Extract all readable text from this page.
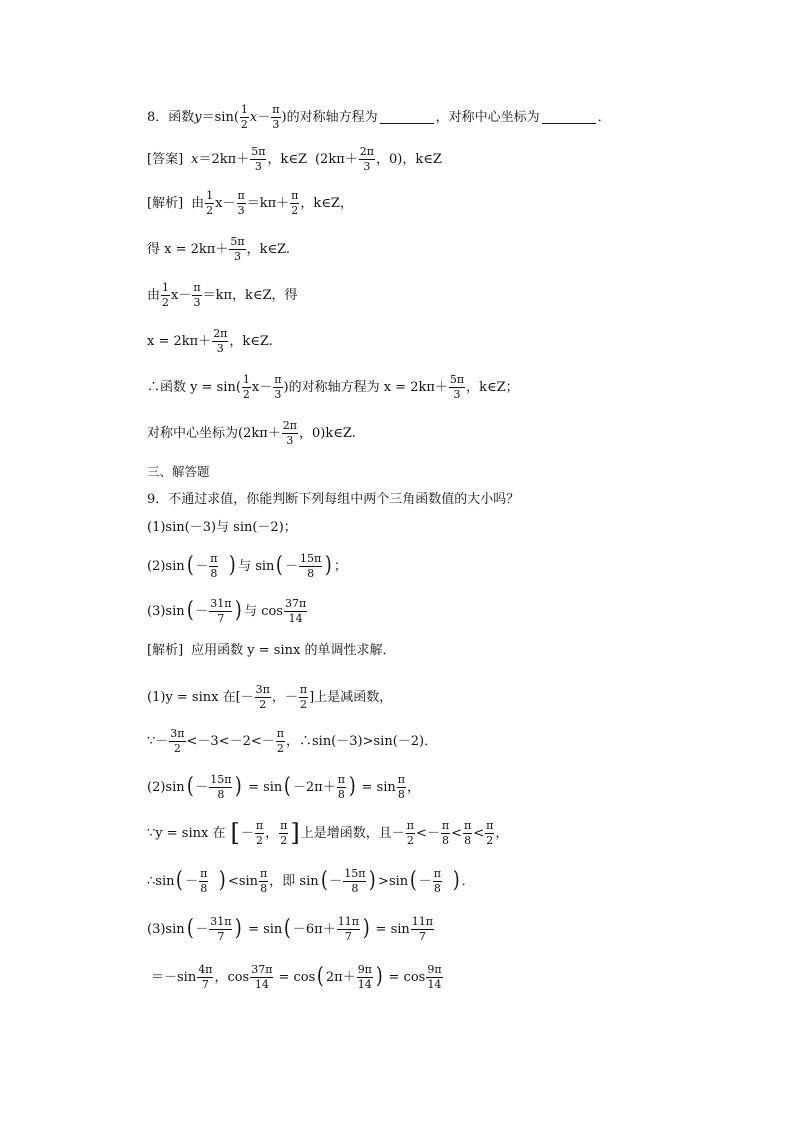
8．函数 $y =\sin( \frac{1}{2}$ $x - \frac{\pi}{3}$ )的对称轴方程为	，对称中心坐标为	．
[答案] $x =2k\pi+ \frac{5\pi}{3}$ ，k∈Z ($2k\pi+ \frac{2\pi}{3}$ ，0)，k∈Z
[解析] 由 $\frac{1}{2} x- \frac{\pi}{3} =k\pi+ \frac{\pi}{2}$ ，k∈Z，
得 $x = 2k\pi+ \frac{5\pi}{3}$ ，k∈Z.
由 $\frac{1}{2} x- \frac{\pi}{3} =k\pi$，k∈Z，得
$x = 2k\pi+ \frac{2\pi}{3}$ ，k∈Z.
∴函数 $y = \sin( \frac{1}{2} x- \frac{\pi}{3}$ )的对称轴方程为 $x = 2k\pi+ \frac{5\pi}{3}$ ，k∈Z；
对称中心坐标为($2k\pi+ \frac{2\pi}{3}$ ，0)k∈Z.
三、解答题
9．不通过求值，你能判断下列每组中两个三角函数值的大小吗？
(1)sin(－3)与 sin(－2)；
(2)sin ( － $\frac{\pi}{8}$ ) 与 sin ( － $\frac{15\pi}{8}$ ) ；
(3)sin ( － $\frac{31\pi}{7}$ ) 与 $\cos \frac{37\pi}{14}$
[解析] 应用函数 y = sinx 的单调性求解．
(1)y = sinx 在[－ $\frac{3\pi}{2}$ ，－ $\frac{\pi}{2}$ ]上是减函数，
∵－ $\frac{3\pi}{2} <-3<-2<- \frac{\pi}{2}$ ，∴sin(－3)>sin(－2)．
(2)sin ( － $\frac{15\pi}{8}$ ) = sin ( $-2\pi+ \frac{\pi}{8}$ ) = $\sin \frac{\pi}{8}$ ，
∵y = sinx 在 [ － $\frac{\pi}{2}$ ， $\frac{\pi}{2}$ ] 上是增函数，且－ $\frac{\pi}{2} <- \frac{\pi}{8} < \frac{\pi}{8} < \frac{\pi}{2}$ ，
∴sin ( － $\frac{\pi}{8}$ ) $<\sin \frac{\pi}{8}$ ，即 sin ( － $\frac{15\pi}{8}$ ) >sin ( － $\frac{\pi}{8}$ ) ．
(3)sin ( － $\frac{31\pi}{7}$ ) = sin ( $-6\pi+ \frac{11\pi}{7}$ ) = $\sin \frac{11\pi}{7}$
$=-\sin \frac{4\pi}{7}$ ，$\cos \frac{37\pi}{14} = \cos$ ( $2\pi+ \frac{9\pi}{14}$ ) = $\cos \frac{9\pi}{14}$
